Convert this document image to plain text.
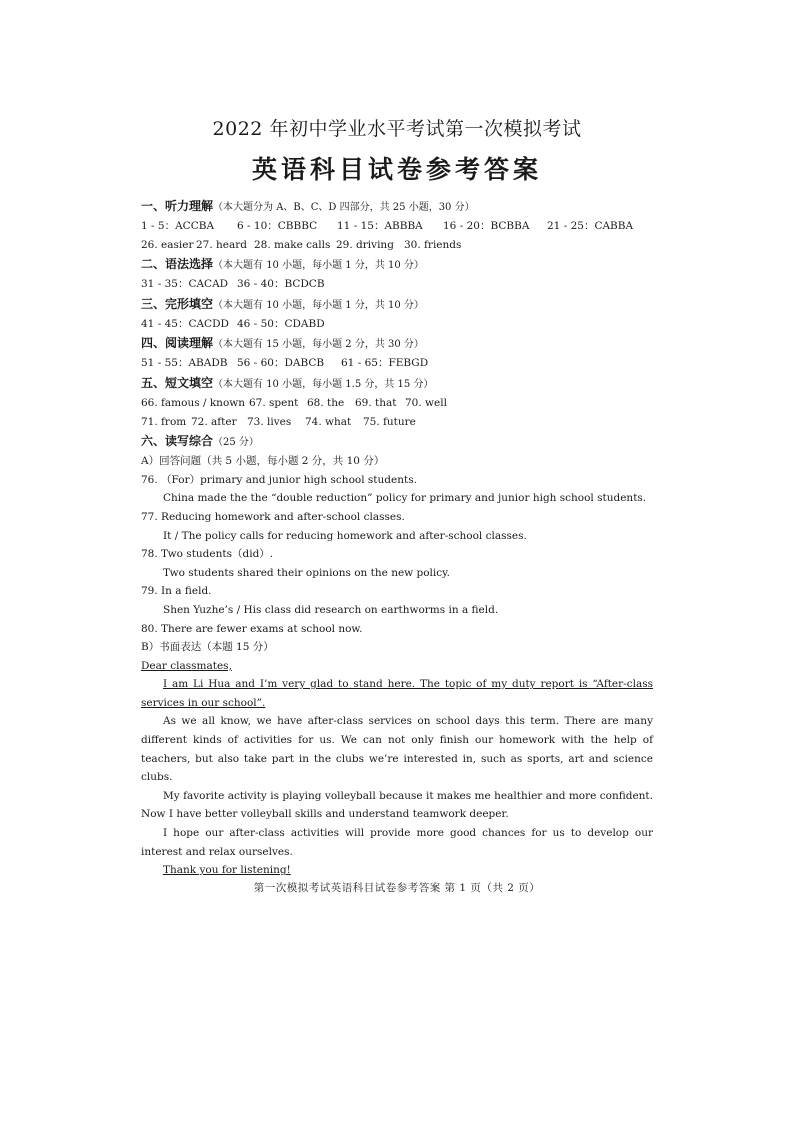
2022 年初中学业水平考试第一次模拟考试
英语科目试卷参考答案
一、听力理解（本大题分为 A、B、C、D 四部分，共 25 小题，30 分）
1 - 5：ACCBA 6 - 10：CBBBC 11 - 15：ABBBA 16 - 20：BCBBA 21 - 25：CABBA
26. easier 27. heard 28. make calls 29. driving 30. friends
二、语法选择（本大题有 10 小题，每小题 1 分，共 10 分）
31 - 35：CACAD 36 - 40：BCDCB
三、完形填空（本大题有 10 小题，每小题 1 分，共 10 分）
41 - 45：CACDD 46 - 50：CDABD
四、阅读理解（本大题有 15 小题，每小题 2 分，共 30 分）
51 - 55：ABADB 56 - 60：DABCB 61 - 65：FEBGD
五、短文填空（本大题有 10 小题，每小题 1.5 分，共 15 分）
66. famous / known 67. spent 68. the 69. that 70. well
71. from 72. after 73. lives 74. what 75. future
六、读写综合（25 分）
A）回答问题（共 5 小题，每小题 2 分，共 10 分）
76. （For）primary and junior high school students.
China made the the “double reduction” policy for primary and junior high school students.
77. Reducing homework and after-school classes.
It / The policy calls for reducing homework and after-school classes.
78. Two students（did）.
Two students shared their opinions on the new policy.
79. In a field.
Shen Yuzhe’s / His class did research on earthworms in a field.
80. There are fewer exams at school now.
B）书面表达（本题 15 分）
Dear classmates,
I am Li Hua and I’m very glad to stand here. The topic of my duty report is “After-class services in our school”.
As we all know, we have after-class services on school days this term. There are many different kinds of activities for us. We can not only finish our homework with the help of teachers, but also take part in the clubs we’re interested in, such as sports, art and science clubs.
My favorite activity is playing volleyball because it makes me healthier and more confident. Now I have better volleyball skills and understand teamwork deeper.
I hope our after-class activities will provide more good chances for us to develop our interest and relax ourselves.
Thank you for listening!
第一次模拟考试英语科目试卷参考答案 第 1 页（共 2 页）
